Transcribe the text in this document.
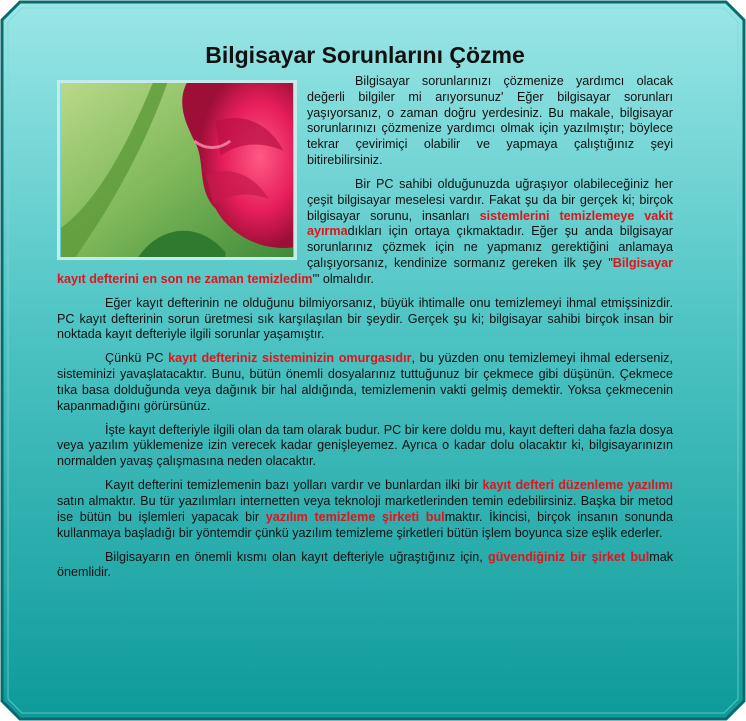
Bilgisayar Sorunlarını Çözme

Bilgisayar sorunlarınızı çözmenize yardımcı olacak değerli bilgiler mi arıyorsunuz' Eğer bilgisayar sorunları yaşıyorsanız, o zaman doğru yerdesiniz. Bu makale, bilgisayar sorunlarınızı çözmenize yardımcı olmak için yazılmıştır; böylece tekrar çevirimiçi olabilir ve yapmaya çalıştığınız şeyi bitirebilirsiniz.

Bir PC sahibi olduğunuzda uğraşıyor olabileceğiniz her çeşit bilgisayar meselesi vardır. Fakat şu da bir gerçek ki; birçok bilgisayar sorunu, insanları sistemlerini temizlemeye vakit ayırmadıkları için ortaya çıkmaktadır. Eğer şu anda bilgisayar sorunlarınız çözmek için ne yapmanız gerektiğini anlamaya çalışıyorsanız, kendinize sormanız gereken ilk şey "Bilgisayar kayıt defterini en son ne zaman temizledim'" olmalıdır.

Eğer kayıt defterinin ne olduğunu bilmiyorsanız, büyük ihtimalle onu temizlemeyi ihmal etmişsinizdir. PC kayıt defterinin sorun üretmesi sık karşılaşılan bir şeydir. Gerçek şu ki; bilgisayar sahibi birçok insan bir noktada kayıt defteriyle ilgili sorunlar yaşamıştır.

Çünkü PC kayıt defteriniz sisteminizin omurgasıdır, bu yüzden onu temizlemeyi ihmal ederseniz, sisteminizi yavaşlatacaktır. Bunu, bütün önemli dosyalarınız tuttuğunuz bir çekmece gibi düşünün. Çekmece tıka basa dolduğunda veya dağınık bir hal aldığında, temizlemenin vakti gelmiş demektir. Yoksa çekmecenin kapanmadığını görürsünüz.

İşte kayıt defteriyle ilgili olan da tam olarak budur. PC bir kere doldu mu, kayıt defteri daha fazla dosya veya yazılım yüklemenize izin verecek kadar genişleyemez. Ayrıca o kadar dolu olacaktır ki, bilgisayarınızın normalden yavaş çalışmasına neden olacaktır.

Kayıt defterini temizlemenin bazı yolları vardır ve bunlardan ilki bir kayıt defteri düzenleme yazılımı satın almaktır. Bu tür yazılımları internetten veya teknoloji marketlerinden temin edebilirsiniz. Başka bir metod ise bütün bu işlemleri yapacak bir yazılım temizleme şirketi bulmaktır. İkincisi, birçok insanın sonunda kullanmaya başladığı bir yöntemdir çünkü yazılım temizleme şirketleri bütün işlem boyunca size eşlik ederler.

Bilgisayarın en önemli kısmı olan kayıt defteriyle uğraştığınız için, güvendiğiniz bir şirket bulmak önemlidir.
